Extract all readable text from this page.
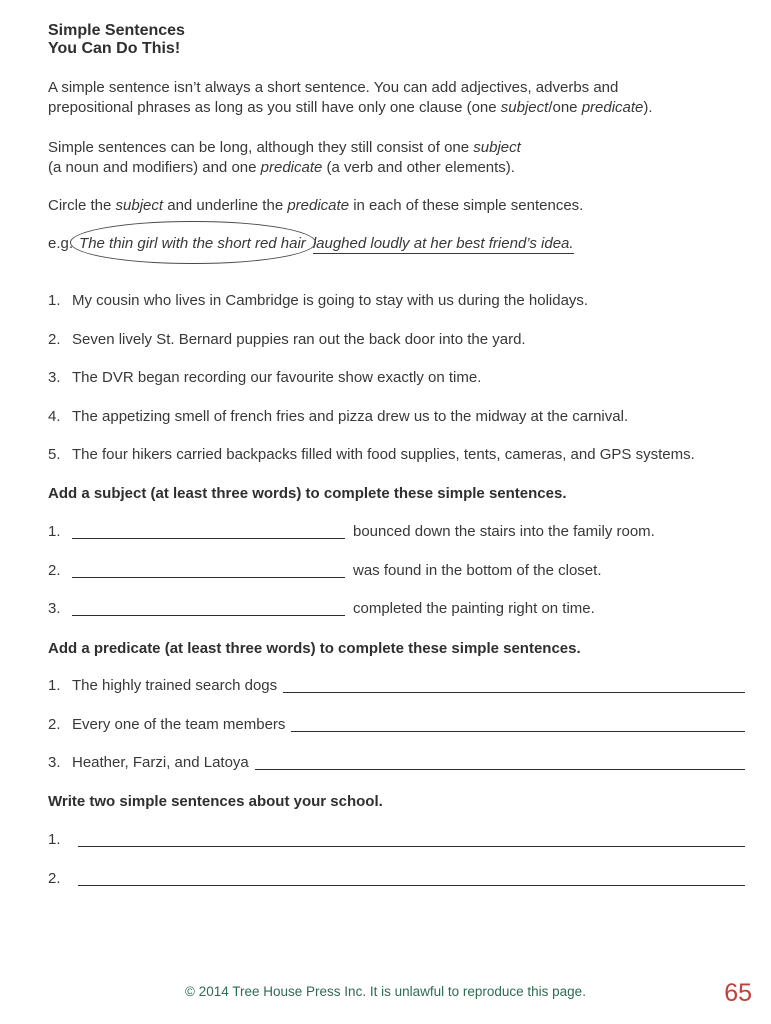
Simple Sentences
You Can Do This!

A simple sentence isn’t always a short sentence. You can add adjectives, adverbs and
prepositional phrases as long as you still have only one clause (one subject/one predicate).

Simple sentences can be long, although they still consist of one subject
(a noun and modifiers) and one predicate (a verb and other elements).

Circle the subject and underline the predicate in each of these simple sentences.

e.g. The thin girl with the short red hair laughed loudly at her best friend’s idea.
1. My cousin who lives in Cambridge is going to stay with us during the holidays.
2. Seven lively St. Bernard puppies ran out the back door into the yard.
3. The DVR began recording our favourite show exactly on time.
4. The appetizing smell of french fries and pizza drew us to the midway at the carnival.
5. The four hikers carried backpacks filled with food supplies, tents, cameras, and GPS systems.
Add a subject (at least three words) to complete these simple sentences.
1.	bounced down the stairs into the family room.
2.	was found in the bottom of the closet.
3.	completed the painting right on time.
Add a predicate (at least three words) to complete these simple sentences.
1. The highly trained search dogs
2. Every one of the team members
3. Heather, Farzi, and Latoya
Write two simple sentences about your school.
1.
2.
© 2014 Tree House Press Inc. It is unlawful to reproduce this page.	65
